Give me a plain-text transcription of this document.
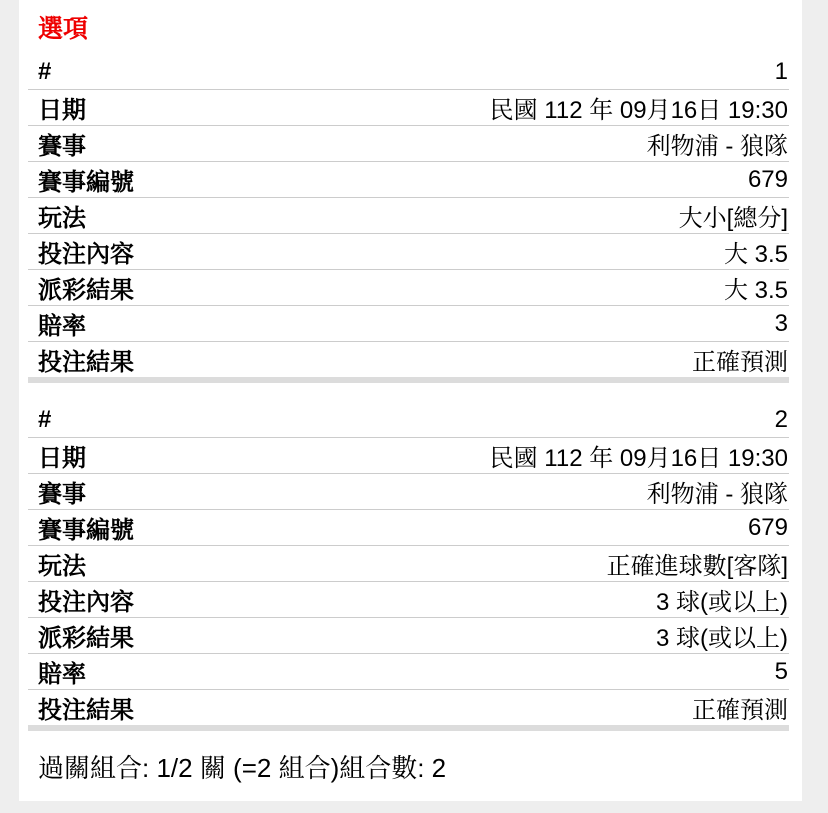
選項
#	1
日期	民國 112 年 09月16日 19:30
賽事	利物浦 - 狼隊
賽事編號	679
玩法	大小[總分]
投注內容	大 3.5
派彩結果	大 3.5
賠率	3
投注結果	正確預測
#	2
日期	民國 112 年 09月16日 19:30
賽事	利物浦 - 狼隊
賽事編號	679
玩法	正確進球數[客隊]
投注內容	3 球(或以上)
派彩結果	3 球(或以上)
賠率	5
投注結果	正確預測
過關組合: 1/2 關 (=2 組合)組合數: 2
